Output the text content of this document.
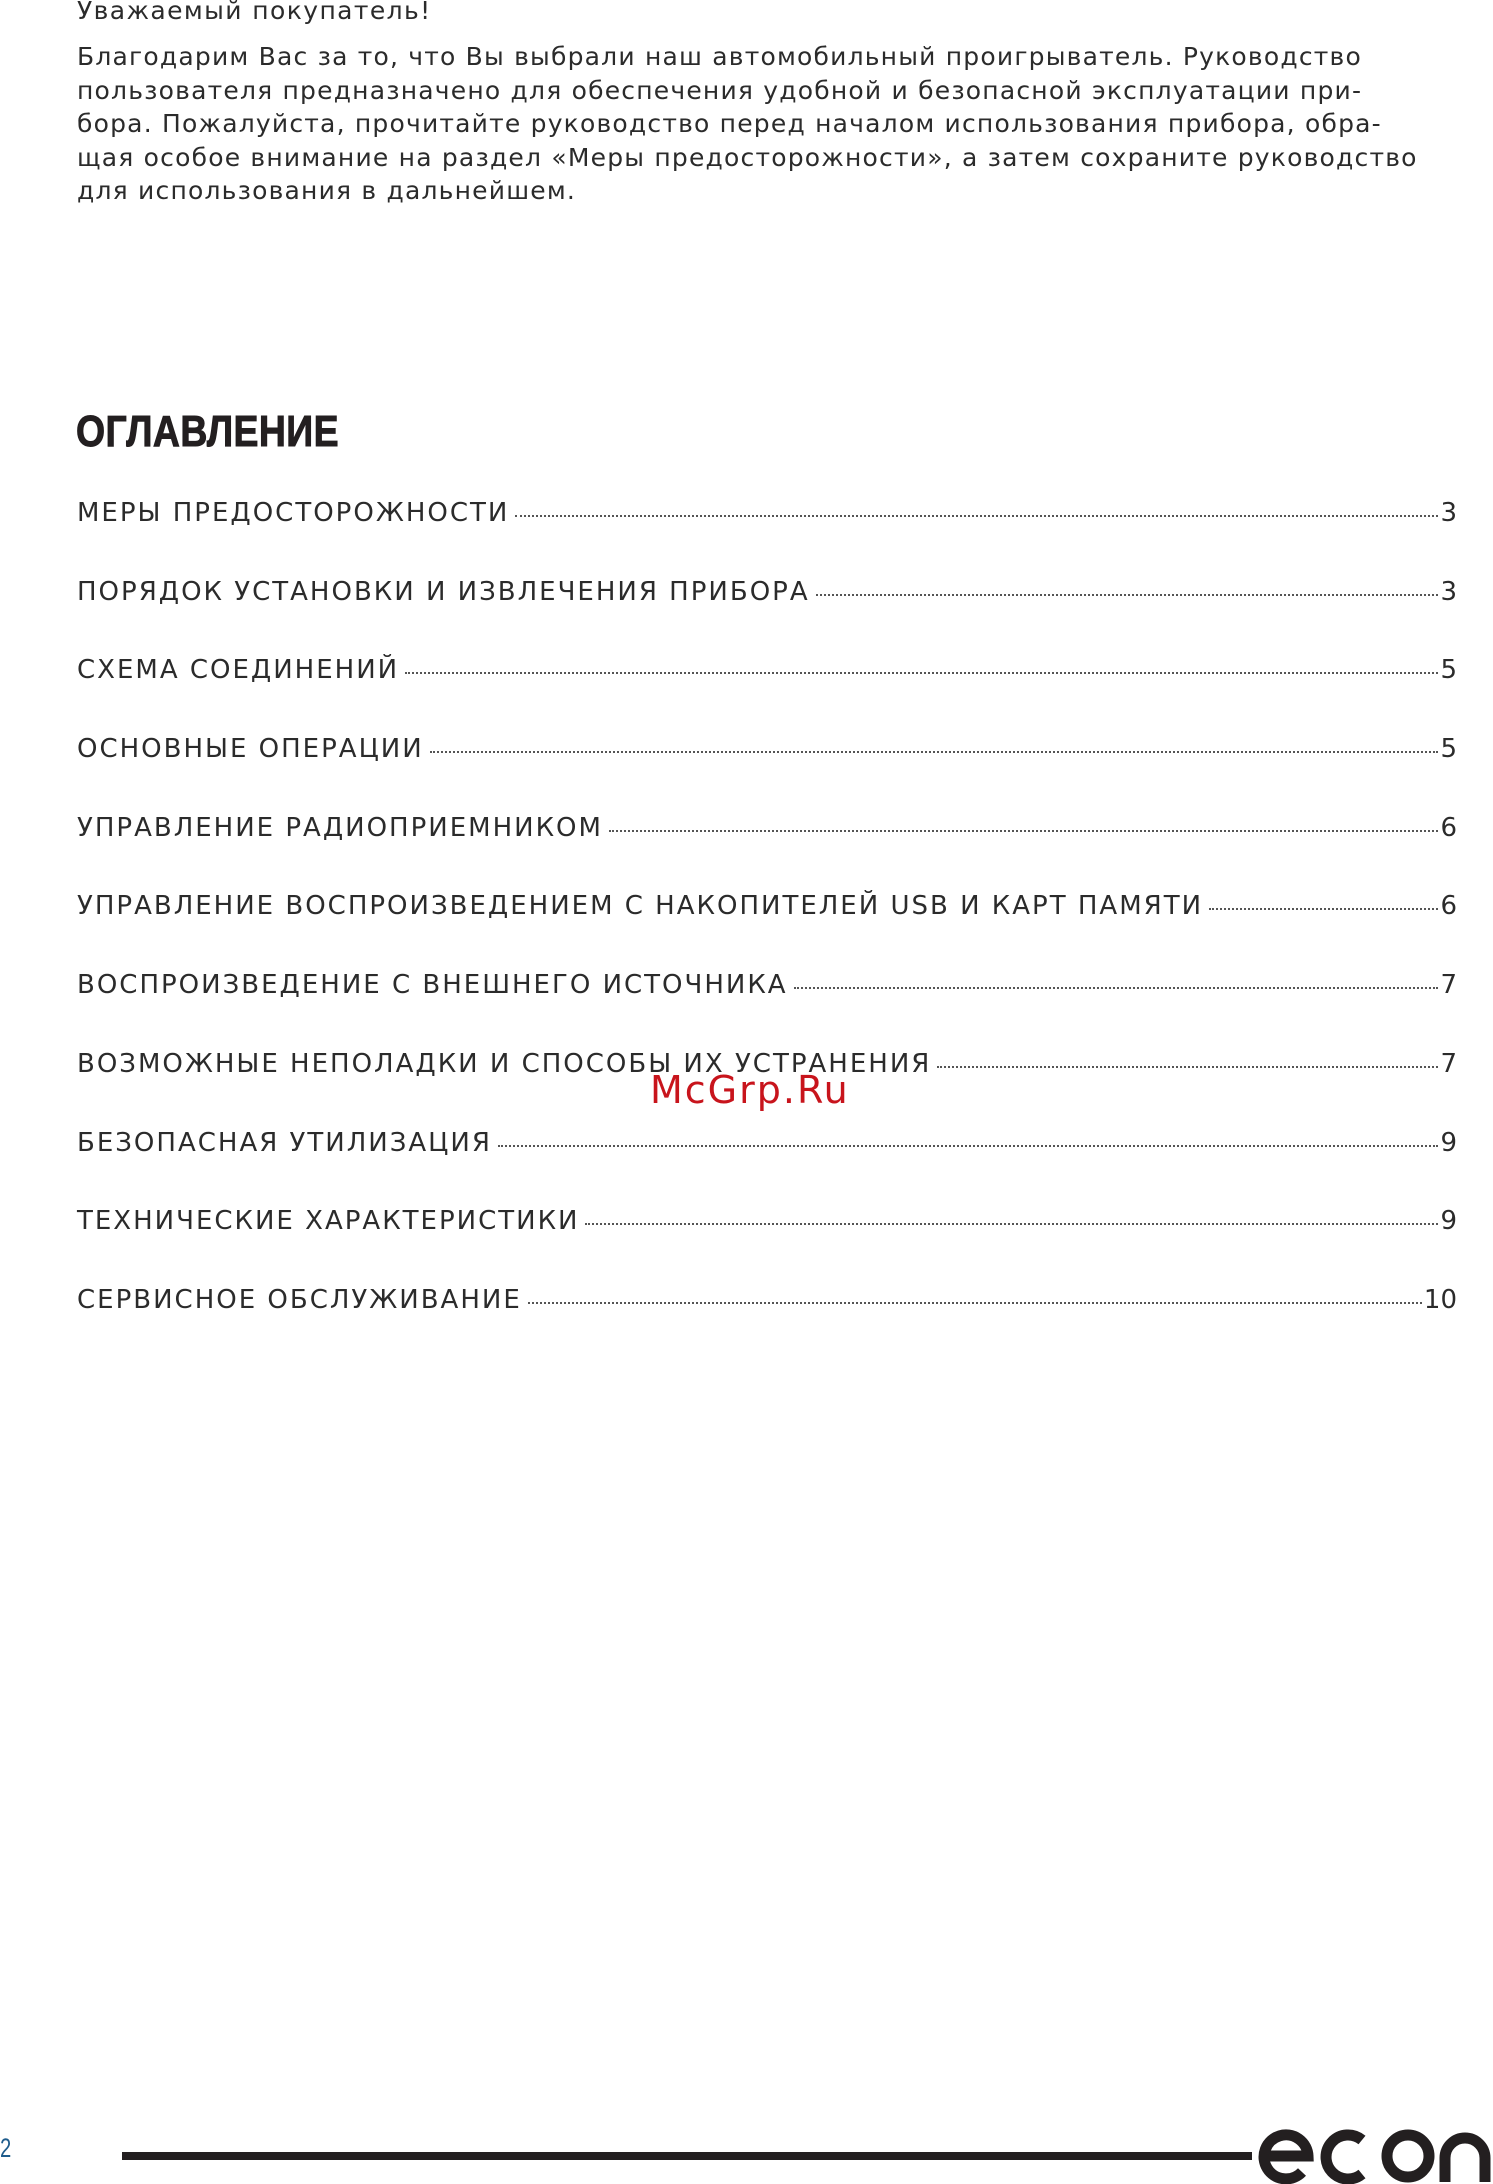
Уважаемый покупатель!
Благодарим Вас за то, что Вы выбрали наш автомобильный проигрыватель. Руководство
пользователя предназначено для обеспечения удобной и безопасной эксплуатации при-
бора. Пожалуйста, прочитайте руководство перед началом использования прибора, обра-
щая особое внимание на раздел «Меры предосторожности», а затем сохраните руководство
для использования в дальнейшем.
ОГЛАВЛЕНИЕ
МЕРЫ ПРЕДОСТОРОЖНОСТИ	3
ПОРЯДОК УСТАНОВКИ И ИЗВЛЕЧЕНИЯ ПРИБОРА	3
СХЕМА СОЕДИНЕНИЙ	5
ОСНОВНЫЕ ОПЕРАЦИИ	5
УПРАВЛЕНИЕ РАДИОПРИЕМНИКОМ	6
УПРАВЛЕНИЕ ВОСПРОИЗВЕДЕНИЕМ С НАКОПИТЕЛЕЙ USB И КАРТ ПАМЯТИ	6
ВОСПРОИЗВЕДЕНИЕ С ВНЕШНЕГО ИСТОЧНИКА	7
ВОЗМОЖНЫЕ НЕПОЛАДКИ И СПОСОБЫ ИХ УСТРАНЕНИЯ	7
БЕЗОПАСНАЯ УТИЛИЗАЦИЯ	9
ТЕХНИЧЕСКИЕ ХАРАКТЕРИСТИКИ	9
СЕРВИСНОЕ ОБСЛУЖИВАНИЕ	10
McGrp.Ru
2
